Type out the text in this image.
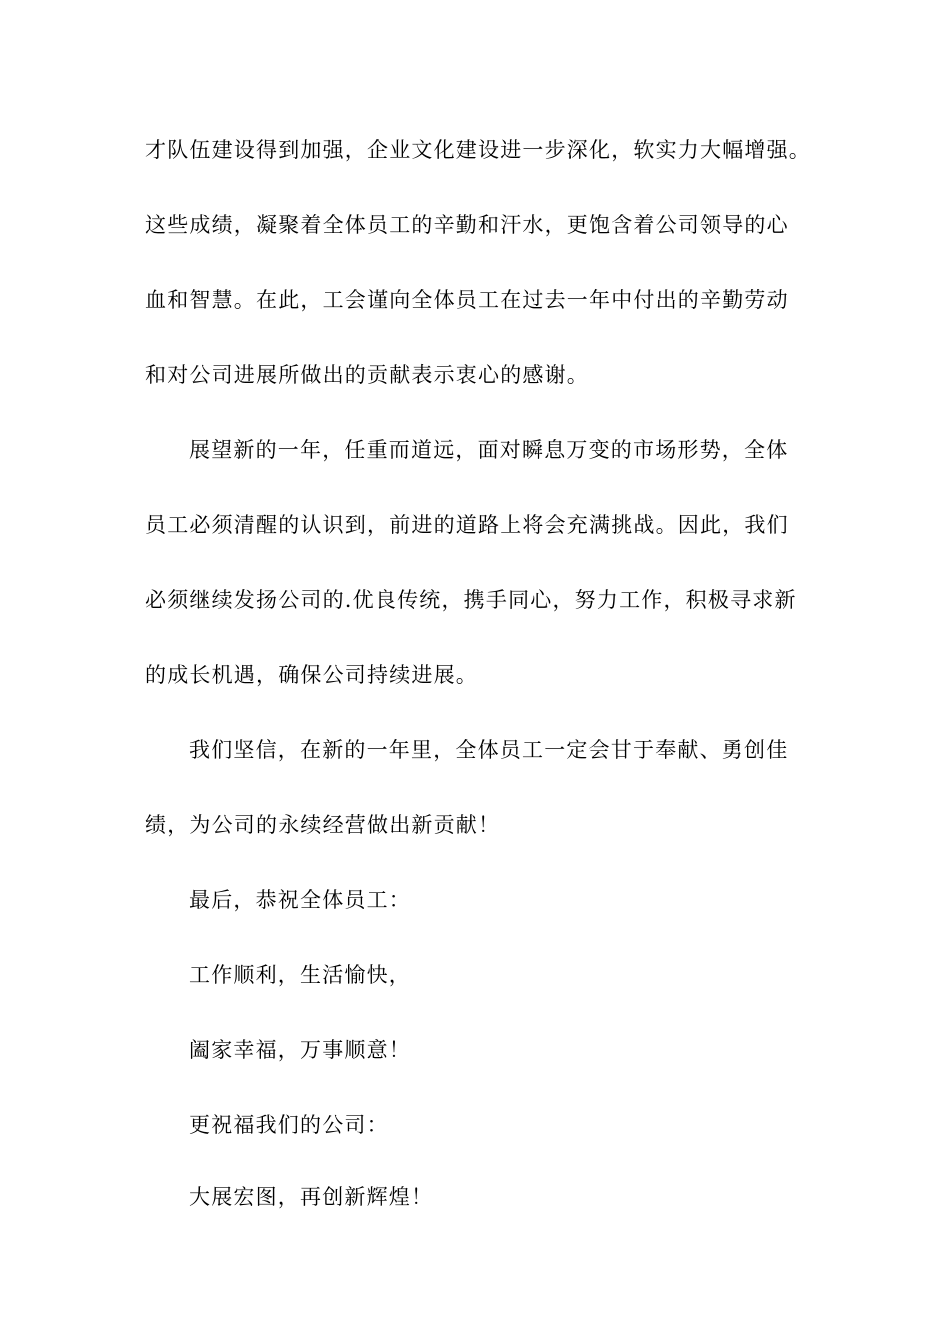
才队伍建设得到加强，企业文化建设进一步深化，软实力大幅增强。
这些成绩，凝聚着全体员工的辛勤和汗水，更饱含着公司领导的心
血和智慧。在此，工会谨向全体员工在过去一年中付出的辛勤劳动
和对公司进展所做出的贡献表示衷心的感谢。
展望新的一年，任重而道远，面对瞬息万变的市场形势，全体
员工必须清醒的认识到，前进的道路上将会充满挑战。因此，我们
必须继续发扬公司的.优良传统，携手同心，努力工作，积极寻求新
的成长机遇，确保公司持续进展。
我们坚信，在新的一年里，全体员工一定会甘于奉献、勇创佳
绩，为公司的永续经营做出新贡献！
最后，恭祝全体员工：
工作顺利，生活愉快，
阖家幸福，万事顺意！
更祝福我们的公司：
大展宏图，再创新辉煌！
